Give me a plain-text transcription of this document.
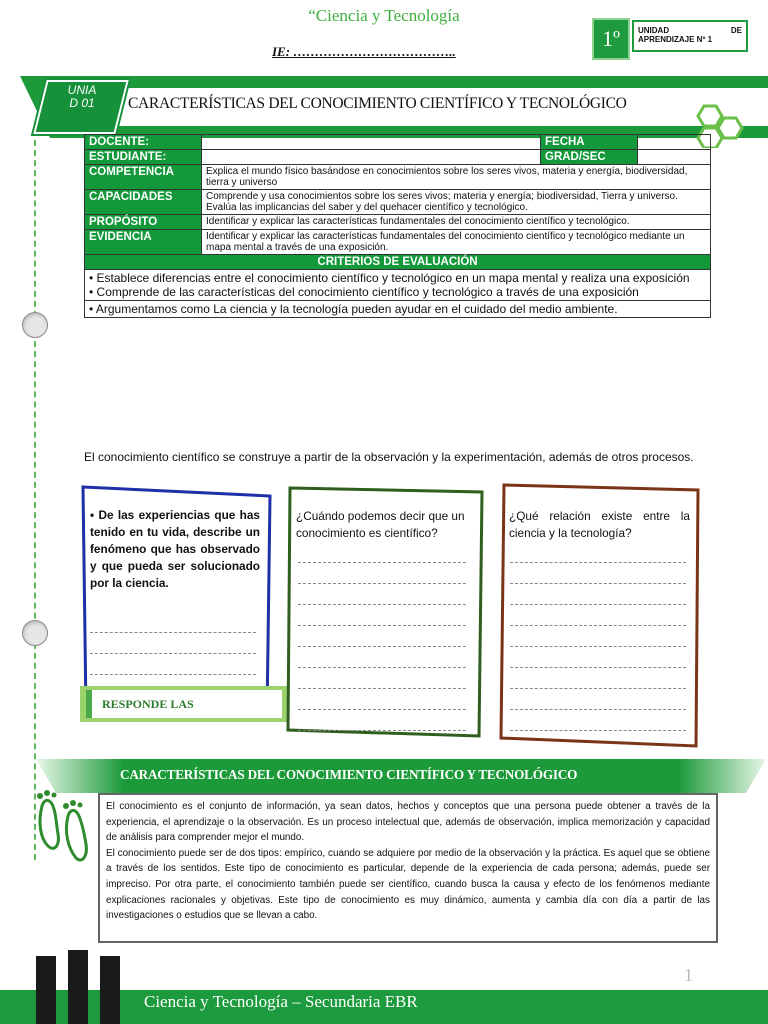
“Ciencia y Tecnología
IE: ………………………………..
1º	UNIDAD	DE
APRENDIZAJE Nº 1
UNIA D 01	CARACTERÍSTICAS DEL CONOCIMIENTO CIENTÍFICO Y TECNOLÓGICO
DOCENTE:		FECHA	
ESTUDIANTE:		GRAD/SEC	
COMPETENCIA	Explica el mundo físico basándose en conocimientos sobre los seres vivos, materia y energía, biodiversidad, tierra y universo		
CAPACIDADES	Comprende y usa conocimientos sobre los seres vivos; materia y energía; biodiversidad, Tierra y universo.
Evalúa las implicancias del saber y del quehacer científico y tecnológico.		

PROPÓSITO	Identificar y explicar las características fundamentales del conocimiento científico y tecnológico.		
EVIDENCIA	Identificar y explicar las características fundamentales del conocimiento científico y tecnológico mediante un mapa mental a través de una exposición.		
CRITERIOS DE EVALUACIÓN			

• Establece diferencias entre el conocimiento científico y tecnológico en un mapa mental y realiza una exposición
• Comprende de las características del conocimiento científico y tecnológico a través de una exposición			

• Argumentamos como La ciencia y la tecnología pueden ayudar en el cuidado del medio ambiente.			
El conocimiento científico se construye a partir de la observación y la experimentación, además de otros procesos.
• De las experiencias que has tenido en tu vida, describe un fenómeno que has observado y que pueda ser solucionado por la ciencia.
RESPONDE LAS
¿Cuándo podemos decir que un conocimiento es científico?
¿Qué relación existe entre la ciencia y la tecnología?
CARACTERÍSTICAS DEL CONOCIMIENTO CIENTÍFICO Y TECNOLÓGICO
El conocimiento es el conjunto de información, ya sean datos, hechos y conceptos que una persona puede obtener a través de la experiencia, el aprendizaje o la observación. Es un proceso intelectual que, además de observación, implica memorización y capacidad de análisis para comprender mejor el mundo.
El conocimiento puede ser de dos tipos: empírico, cuando se adquiere por medio de la observación y la práctica. Es aquel que se obtiene a través de los sentidos. Este tipo de conocimiento es particular, depende de la experiencia de cada persona; además, puede ser impreciso. Por otra parte, el conocimiento también puede ser científico, cuando busca la causa y efecto de los fenómenos mediante explicaciones racionales y objetivas. Este tipo de conocimiento es muy dinámico, aumenta y cambia día con día a partir de las investigaciones o estudios que se llevan a cabo.
1
Ciencia y Tecnología – Secundaria EBR
